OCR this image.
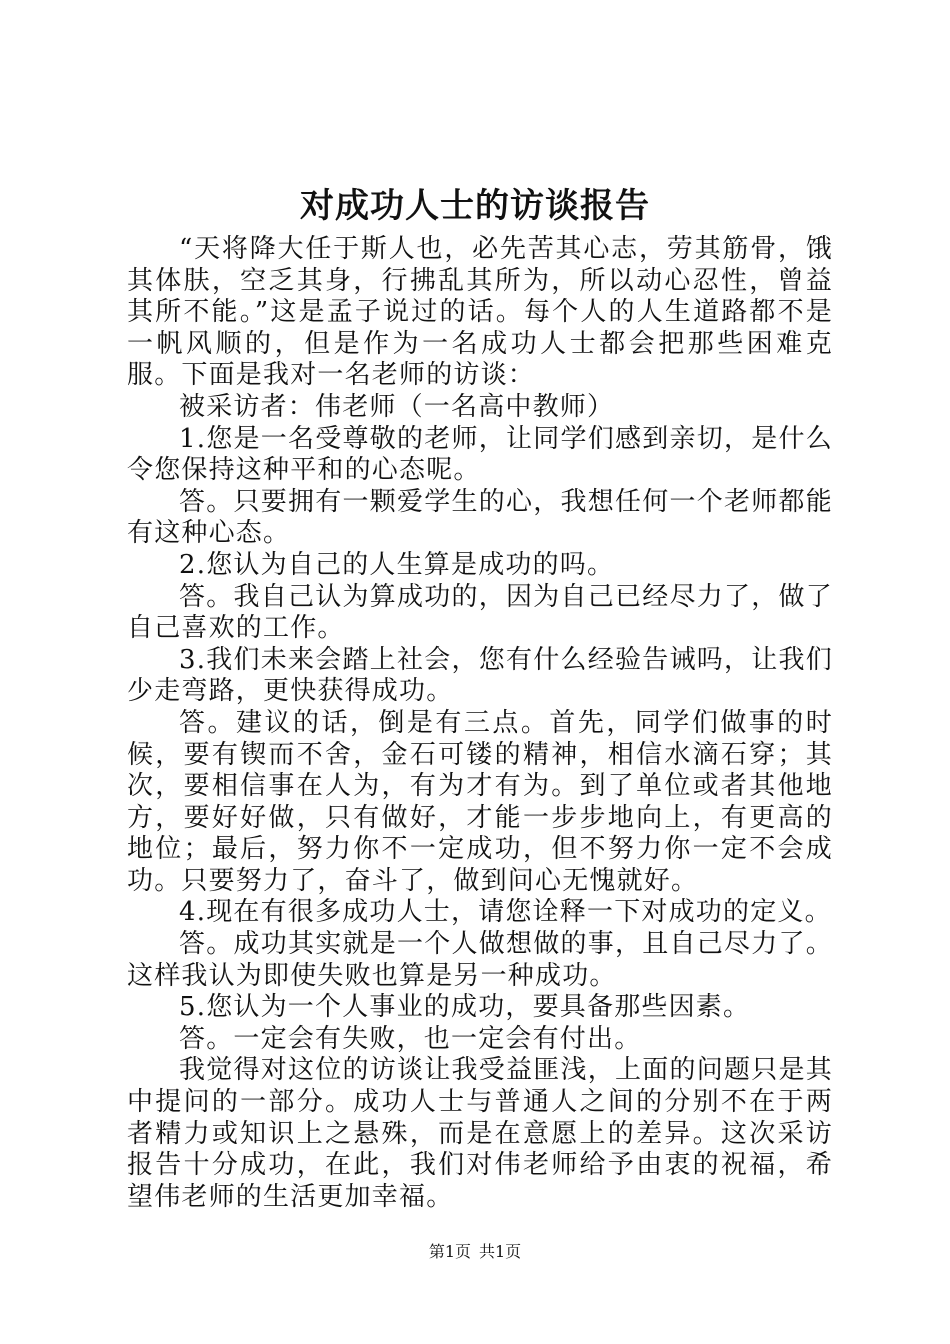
对成功人士的访谈报告

“天将降大任于斯人也，必先苦其心志，劳其筋骨，饿其体肤，空乏其身，行拂乱其所为，所以动心忍性，曾益其所不能。”这是孟子说过的话。每个人的人生道路都不是一帆风顺的，但是作为一名成功人士都会把那些困难克服。下面是我对一名老师的访谈：

被采访者：伟老师（一名高中教师）

1.您是一名受尊敬的老师，让同学们感到亲切，是什么令您保持这种平和的心态呢。

答。只要拥有一颗爱学生的心，我想任何一个老师都能有这种心态。

2.您认为自己的人生算是成功的吗。

答。我自己认为算成功的，因为自己已经尽力了，做了自己喜欢的工作。

3.我们未来会踏上社会，您有什么经验告诫吗，让我们少走弯路，更快获得成功。

答。建议的话，倒是有三点。首先，同学们做事的时候，要有锲而不舍，金石可镂的精神，相信水滴石穿；其次，要相信事在人为，有为才有为。到了单位或者其他地方，要好好做，只有做好，才能一步步地向上，有更高的地位；最后，努力你不一定成功，但不努力你一定不会成功。只要努力了，奋斗了，做到问心无愧就好。

4.现在有很多成功人士，请您诠释一下对成功的定义。

答。成功其实就是一个人做想做的事，且自己尽力了。这样我认为即使失败也算是另一种成功。

5.您认为一个人事业的成功，要具备那些因素。

答。一定会有失败，也一定会有付出。

我觉得对这位的访谈让我受益匪浅，上面的问题只是其中提问的一部分。成功人士与普通人之间的分别不在于两者精力或知识上之悬殊，而是在意愿上的差异。这次采访报告十分成功，在此，我们对伟老师给予由衷的祝福，希望伟老师的生活更加幸福。

第1页 共1页
